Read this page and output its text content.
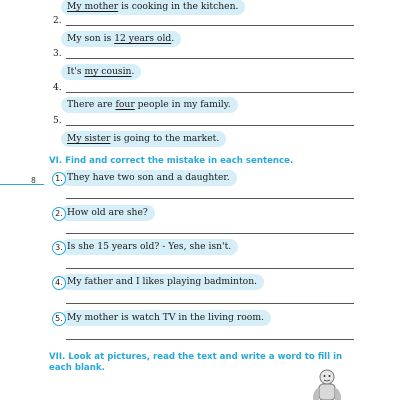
My mother is cooking in the kitchen.
2.
My son is 12 years old.
3.
It's my cousin.
4.
There are four people in my family.
5.
My sister is going to the market.
VI. Find and correct the mistake in each sentence.
8	1. They have two son and a daughter.
2. How old are she?
3. Is she 15 years old? - Yes, she isn't.
4. My father and I likes playing badminton.
5. My mother is watch TV in the living room.
VII. Look at pictures, read the text and write a word to fill in each blank.
